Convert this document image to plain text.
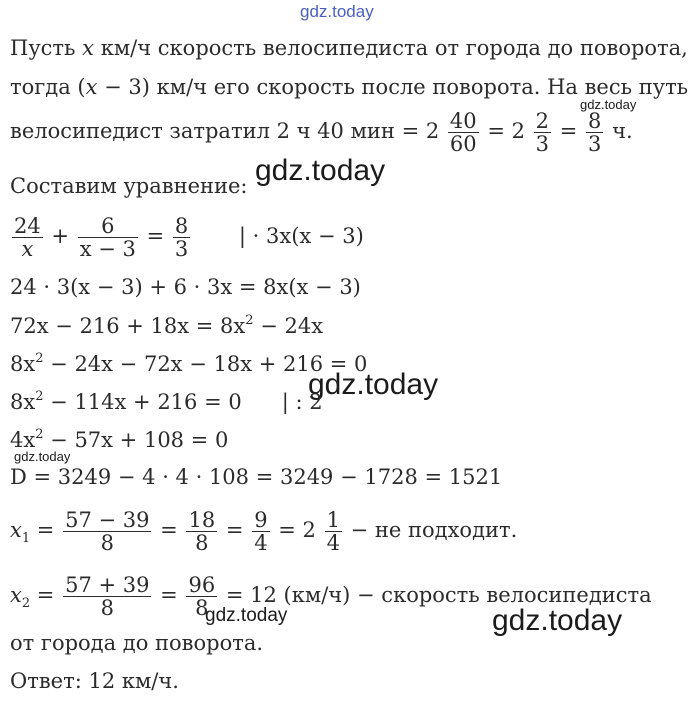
gdz.today
gdz.today
gdz.today
gdz.today
gdz.today
gdz.today
gdz.today
Пусть x км/ч скорость велосипедиста от города до поворота,
тогда (x − 3) км/ч его скорость после поворота. На весь путь
велосипедист затратил 2 ч 40 мин = $2 \frac{40}{60} = 2 \frac{2}{3} = \frac{8}{3} ч$.
Составим уравнение:
$\frac{24}{x} + \frac{6}{x - 3} = \frac{8}{3}$ | · 3x(x − 3)
24 · 3(x − 3) + 6 · 3x = 8x(x − 3)
$72x - 216 + 18x = 8x^2 - 24x$
$8x^2 - 24x - 72x - 18x + 216 = 0$
$8x^2 - 114x + 216 = 0$      | : 2
$4x^2 - 57x + 108 = 0$
D = 3249 − 4 · 4 · 108 = 3249 − 1728 = 1521
$x_1 = \frac{57 - 39}{8} = \frac{18}{8} = \frac{9}{4} = 2 \frac{1}{4}$ − не подходит.
$x_2 = \frac{57 + 39}{8} = \frac{96}{8} = 12$ (км/ч) − скорость велосипедиста
от города до поворота.
Ответ: 12 км/ч.
